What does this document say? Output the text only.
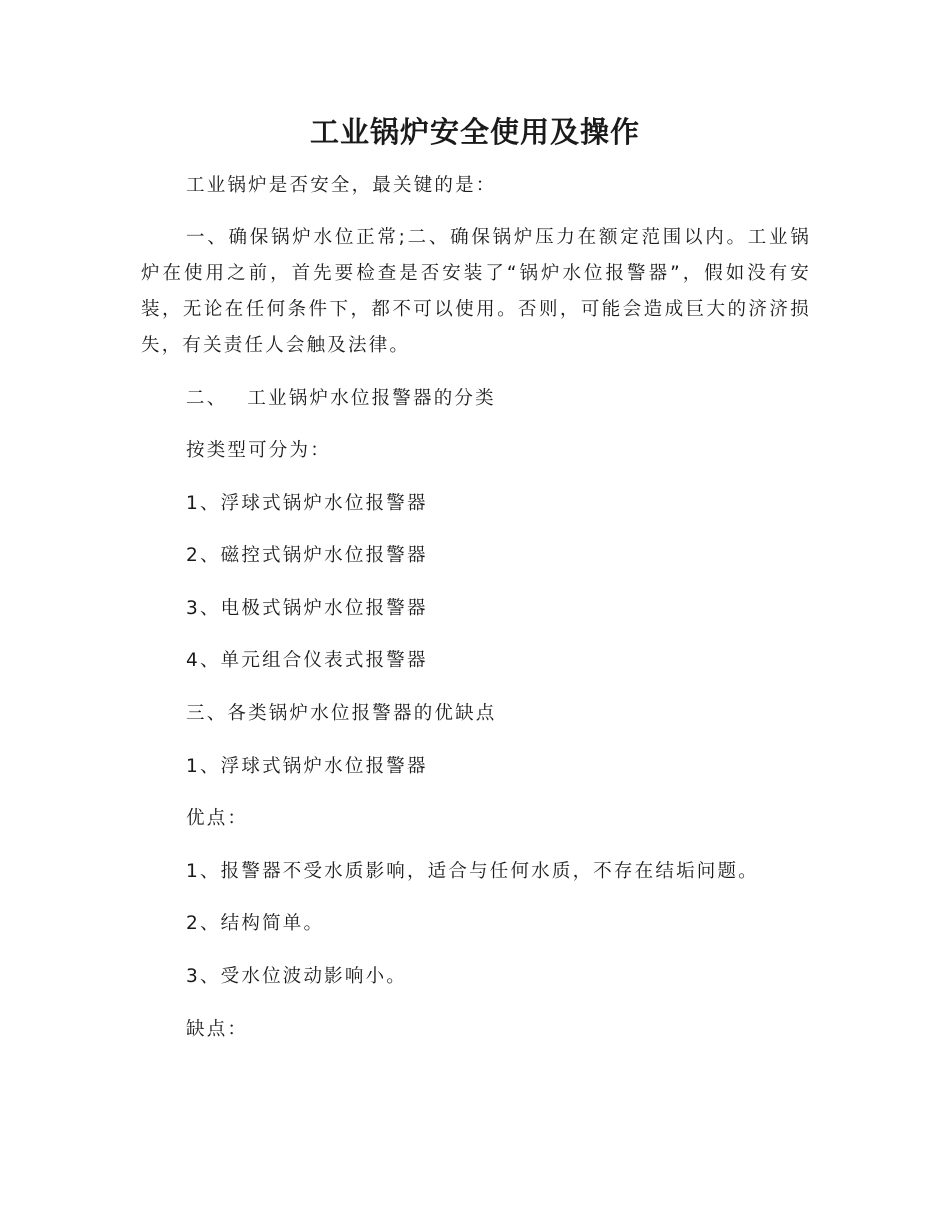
工业锅炉安全使用及操作

工业锅炉是否安全，最关键的是：

一、确保锅炉水位正常;二、确保锅炉压力在额定范围以内。工业锅炉在使用之前，首先要检查是否安装了“锅炉水位报警器”，假如没有安装，无论在任何条件下，都不可以使用。否则，可能会造成巨大的济济损失，有关责任人会触及法律。

二、 工业锅炉水位报警器的分类

按类型可分为：

1、浮球式锅炉水位报警器

2、磁控式锅炉水位报警器

3、电极式锅炉水位报警器

4、单元组合仪表式报警器

三、各类锅炉水位报警器的优缺点

1、浮球式锅炉水位报警器

优点：

1、报警器不受水质影响，适合与任何水质，不存在结垢问题。

2、结构简单。

3、受水位波动影响小。

缺点：
